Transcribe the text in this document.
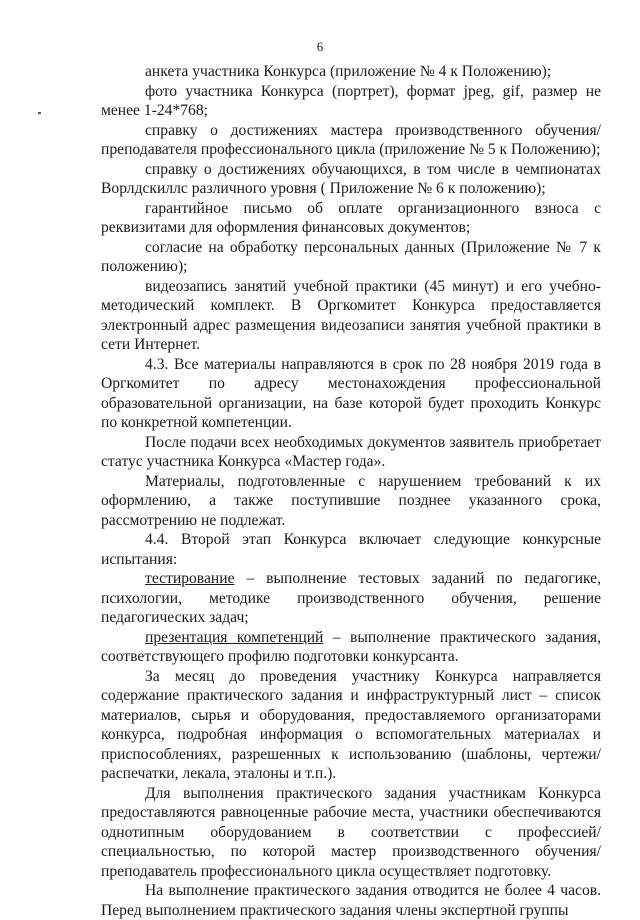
6

анкета участника Конкурса (приложение № 4 к Положению);

фото участника Конкурса (портрет), формат jpeg, gif, размер не менее 1-24*768;

справку о достижениях мастера производственного обучения/преподавателя профессионального цикла (приложение № 5 к Положению);

справку о достижениях обучающихся, в том числе в чемпионатах Ворлдскиллс различного уровня ( Приложение № 6 к положению);

гарантийное письмо об оплате организационного взноса с реквизитами для оформления финансовых документов;

согласие на обработку персональных данных (Приложение № 7 к положению);

видеозапись занятий учебной практики (45 минут) и его учебно-методический комплект. В Оргкомитет Конкурса предоставляется электронный адрес размещения видеозаписи занятия учебной практики в сети Интернет.

4.3. Все материалы направляются в срок по 28 ноября 2019 года в Оргкомитет по адресу местонахождения профессиональной образовательной организации, на базе которой будет проходить Конкурс по конкретной компетенции.

После подачи всех необходимых документов заявитель приобретает статус участника Конкурса «Мастер года».

Материалы, подготовленные с нарушением требований к их оформлению, а также поступившие позднее указанного срока, рассмотрению не подлежат.

4.4. Второй этап Конкурса включает следующие конкурсные испытания:

тестирование – выполнение тестовых заданий по педагогике, психологии, методике производственного обучения, решение педагогических задач;

презентация компетенций – выполнение практического задания, соответствующего профилю подготовки конкурсанта.

За месяц до проведения участнику Конкурса направляется содержание практического задания и инфраструктурный лист – список материалов, сырья и оборудования, предоставляемого организаторами конкурса, подробная информация о вспомогательных материалах и приспособлениях, разрешенных к использованию (шаблоны, чертежи/распечатки, лекала, эталоны и т.п.).

Для выполнения практического задания участникам Конкурса предоставляются равноценные рабочие места, участники обеспечиваются однотипным оборудованием в соответствии с профессией/специальностью, по которой мастер производственного обучения/преподаватель профессионального цикла осуществляет подготовку.

На выполнение практического задания отводится не более 4 часов. Перед выполнением практического задания члены экспертной группы
